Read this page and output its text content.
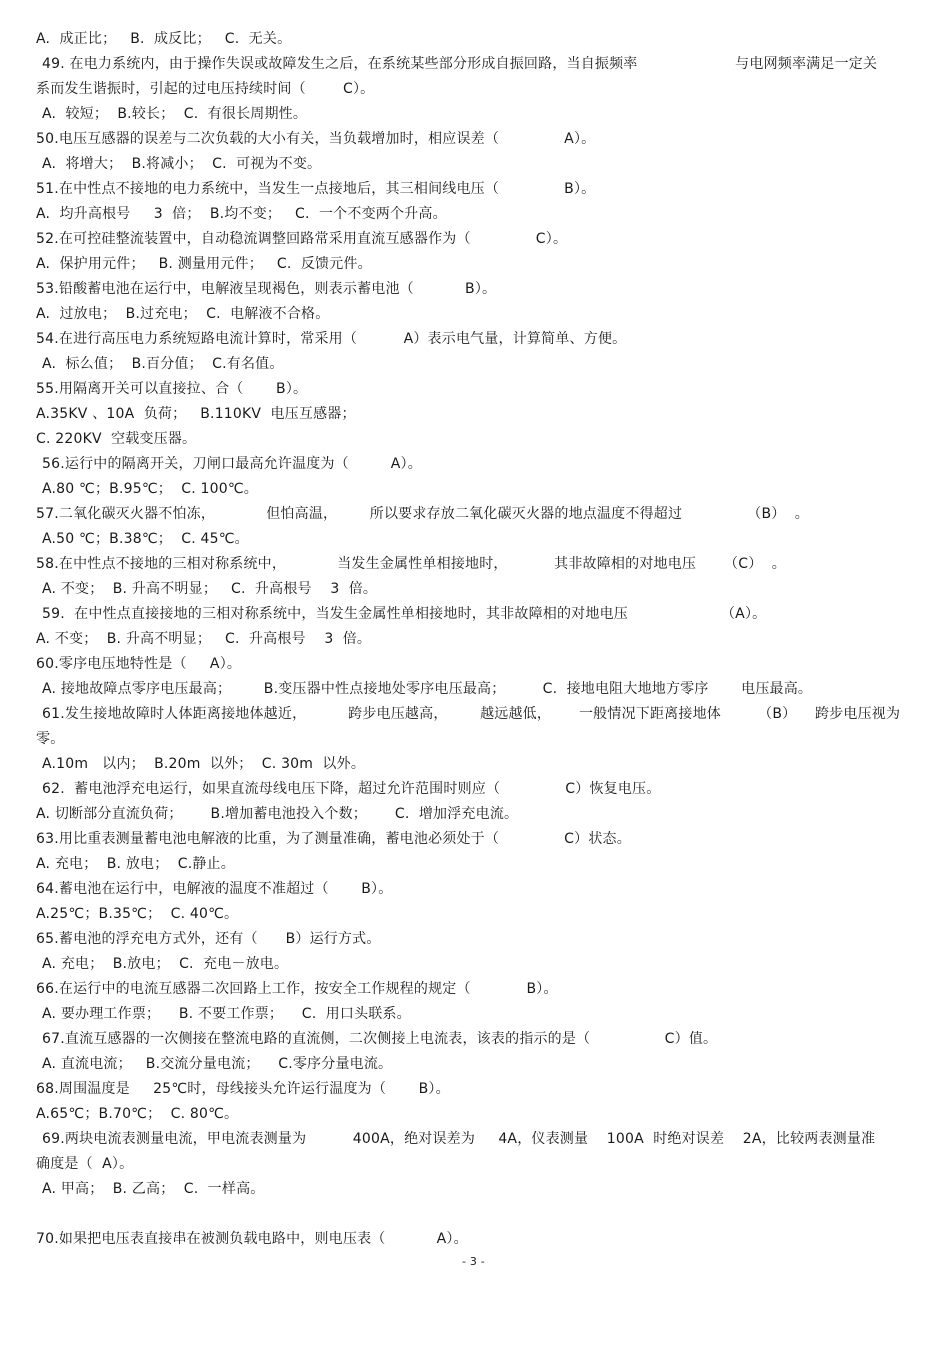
- 3 -
A.  成正比；   B.  成反比；   C.  无关。
49. 在电力系统内，由于操作失误或故障发生之后，在系统某些部分形成自振回路，当自振频率                     与电网频率满足一定关
系而发生谐振时，引起的过电压持续时间（        C）。
A.  较短；  B.较长；  C.  有很长周期性。
50.电压互感器的误差与二次负载的大小有关，当负载增加时，相应误差（              A）。
A.  将增大；  B.将减小；  C.  可视为不变。
51.在中性点不接地的电力系统中，当发生一点接地后，其三相间线电压（              B）。
A.  均升高根号     3  倍；  B.均不变；   C.  一个不变两个升高。
52.在可控硅整流装置中，自动稳流调整回路常采用直流互感器作为（              C）。
A.  保护用元件；   B. 测量用元件；   C.  反馈元件。
53.铅酸蓄电池在运行中，电解液呈现褐色，则表示蓄电池（           B）。
A.  过放电；  B.过充电；  C.  电解液不合格。
54.在进行高压电力系统短路电流计算时，常采用（          A）表示电气量，计算简单、方便。
A.  标么值；  B.百分值；  C.有名值。
55.用隔离开关可以直接拉、合（       B）。
A.35KV 、10A  负荷；   B.110KV  电压互感器；
C. 220KV  空载变压器。
56.运行中的隔离开关，刀闸口最高允许温度为（         A）。
A.80 ℃；B.95℃；  C. 100℃。
57.二氧化碳灭火器不怕冻，           但怕高温，       所以要求存放二氧化碳灭火器的地点温度不得超过              （B）  。
A.50 ℃；B.38℃；  C. 45℃。
58.在中性点不接地的三相对称系统中，           当发生金属性单相接地时，          其非故障相的对地电压      （C）  。
A. 不变；  B. 升高不明显；   C.  升高根号    3  倍。
59.  在中性点直接接地的三相对称系统中，当发生金属性单相接地时，其非故障相的对地电压                    （A）。
A. 不变；  B. 升高不明显；   C.  升高根号    3  倍。
60.零序电压地特性是（     A）。
A. 接地故障点零序电压最高；       B.变压器中性点接地处零序电压最高；        C.  接地电阻大地地方零序       电压最高。
61.发生接地故障时人体距离接地体越近，         跨步电压越高，       越远越低，      一般情况下距离接地体        （B）    跨步电压视为
零。
A.10m   以内；  B.20m  以外；  C. 30m  以外。
62.  蓄电池浮充电运行，如果直流母线电压下降，超过允许范围时则应（              C）恢复电压。
A. 切断部分直流负荷；      B.增加蓄电池投入个数；      C.  增加浮充电流。
63.用比重表测量蓄电池电解液的比重，为了测量准确，蓄电池必须处于（              C）状态。
A. 充电；  B. 放电；  C.静止。
64.蓄电池在运行中，电解液的温度不准超过（       B）。
A.25℃；B.35℃；  C. 40℃。
65.蓄电池的浮充电方式外，还有（      B）运行方式。
A. 充电；  B.放电；  C.  充电－放电。
66.在运行中的电流互感器二次回路上工作，按安全工作规程的规定（            B）。
A. 要办理工作票；    B. 不要工作票；    C.  用口头联系。
67.直流互感器的一次侧接在整流电路的直流侧，二次侧接上电流表，该表的指示的是（                C）值。
A. 直流电流；   B.交流分量电流；    C.零序分量电流。
68.周围温度是     25℃时，母线接头允许运行温度为（       B）。
A.65℃；B.70℃；  C. 80℃。
69.两块电流表测量电流，甲电流表测量为          400A，绝对误差为     4A，仪表测量    100A  时绝对误差    2A，比较两表测量准
确度是（  A）。
A. 甲高；  B. 乙高；  C.  一样高。
70.如果把电压表直接串在被测负载电路中，则电压表（           A）。
